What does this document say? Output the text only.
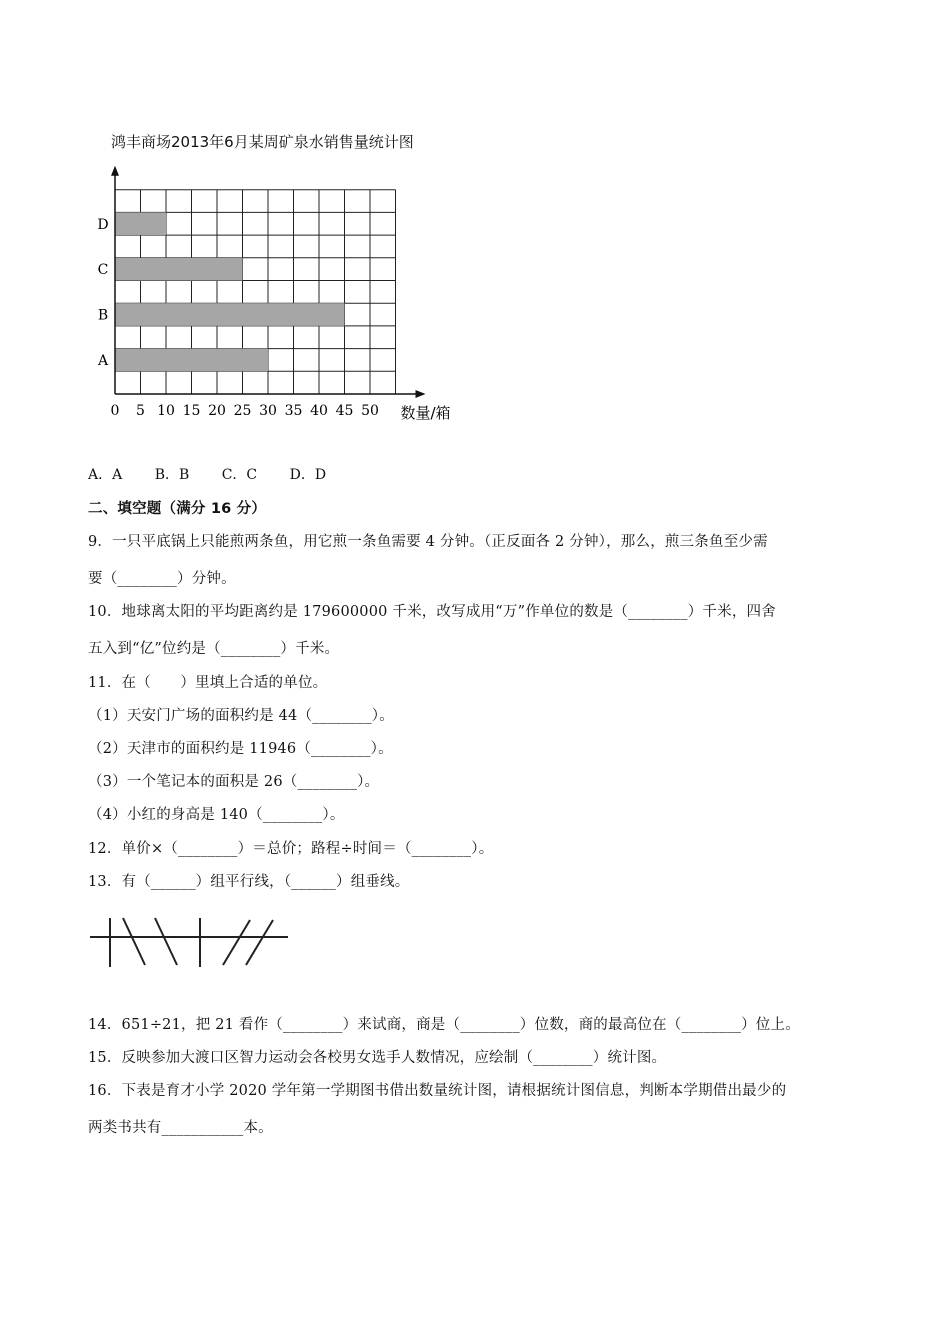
鸿丰商场2013年6月某周矿泉水销售量统计图
A
B
C
D
0 5 10 15 20 25 30 35 40 45 50 数量/箱
A．A B．B C．C D．D
二、填空题（满分 16 分）
9．一只平底锅上只能煎两条鱼，用它煎一条鱼需要 4 分钟。（正反面各 2 分钟），那么，煎三条鱼至少需
要（________）分钟。
10．地球离太阳的平均距离约是 179600000 千米，改写成用“万”作单位的数是（________）千米，四舍
五入到“亿”位约是（________）千米。
11．在（　　）里填上合适的单位。
（1）天安门广场的面积约是 44（________）。
（2）天津市的面积约是 11946（________）。
（3）一个笔记本的面积是 26（________）。
（4）小红的身高是 140（________）。
12．单价×（________）＝总价；路程÷时间＝（________）。
13．有（______）组平行线，（______）组垂线。
14．651÷21，把 21 看作（________）来试商，商是（________）位数，商的最高位在（________）位上。
15．反映参加大渡口区智力运动会各校男女选手人数情况，应绘制（________）统计图。
16．下表是育才小学 2020 学年第一学期图书借出数量统计图，请根据统计图信息，判断本学期借出最少的
两类书共有___________本。
